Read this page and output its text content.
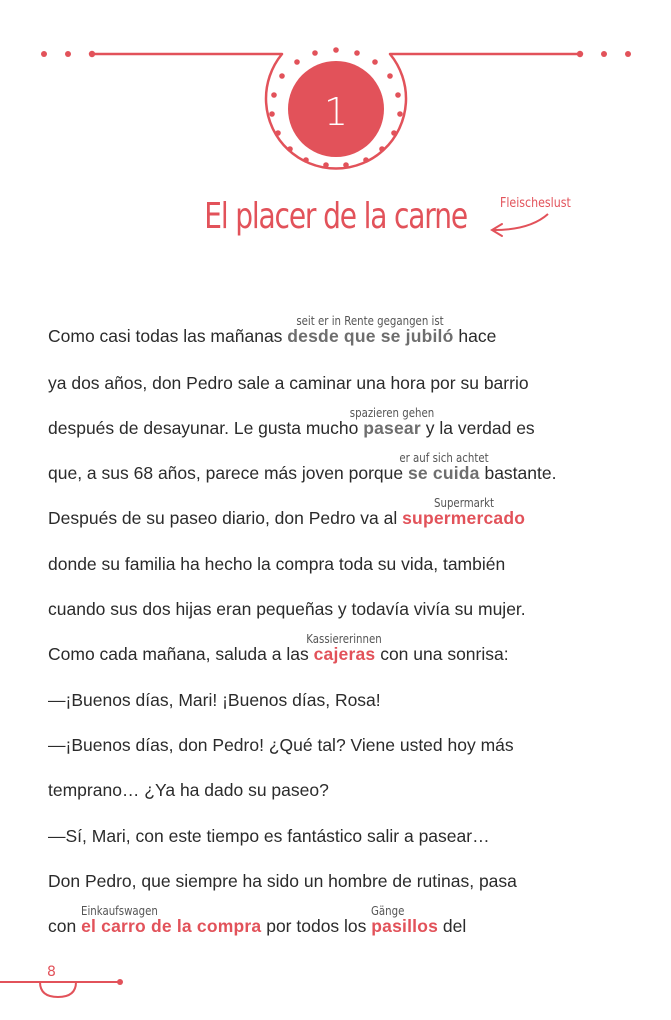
1
El placer de la carne	Fleischeslust
Como casi todas las mañanas desde que se jubiló
seit er in Rente gegangen ist
hace
ya dos años, don Pedro sale a caminar una hora por su barrio
después de desayunar. Le gusta mucho pasear
spazieren gehen
y la verdad es
que, a sus 68 años, parece más joven porque se cuida
er auf sich achtet
bastante.
Después de su paseo diario, don Pedro va al supermercado
Supermarkt
donde su familia ha hecho la compra toda su vida, también
cuando sus dos hijas eran pequeñas y todavía vivía su mujer.
Como cada mañana, saluda a las cajeras
Kassiererinnen
con una sonrisa:
—¡Buenos días, Mari! ¡Buenos días, Rosa!
—¡Buenos días, don Pedro! ¿Qué tal? Viene usted hoy más
temprano… ¿Ya ha dado su paseo?
—Sí, Mari, con este tiempo es fantástico salir a pasear…
Don Pedro, que siempre ha sido un hombre de rutinas, pasa
con el carro de la compra
Einkaufswagen
por todos los pasillos
Gänge
del
8
